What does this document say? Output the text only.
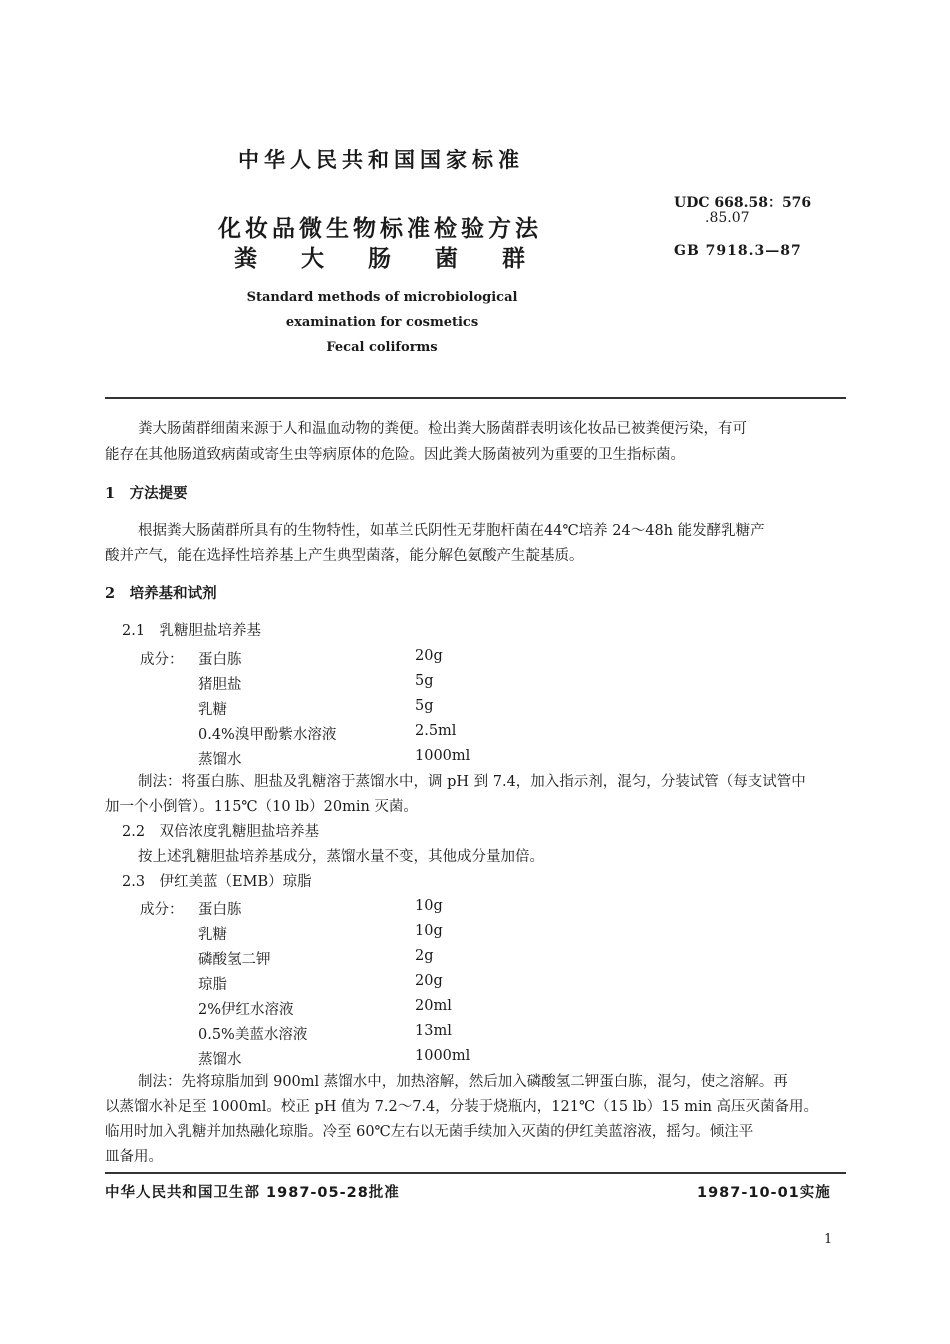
中华人民共和国国家标准
化妆品微生物标准检验方法
粪大肠菌群
UDC 668.58：576
.85.07
GB 7918.3—87
Standard methods of microbiological
examination for cosmetics
Fecal coliforms
粪大肠菌群细菌来源于人和温血动物的粪便。检出粪大肠菌群表明该化妆品已被粪便污染，有可
能存在其他肠道致病菌或寄生虫等病原体的危险。因此粪大肠菌被列为重要的卫生指标菌。
1　方法提要
根据粪大肠菌群所具有的生物特性，如革兰氏阴性无芽胞杆菌在44℃培养 24～48h 能发酵乳糖产
酸并产气，能在选择性培养基上产生典型菌落，能分解色氨酸产生靛基质。
2　培养基和试剂
2.1　乳糖胆盐培养基
成分： 蛋白胨	20g
猪胆盐	5g
乳糖	5g
0.4%溴甲酚紫水溶液	2.5ml
蒸馏水	1000ml
制法：将蛋白胨、胆盐及乳糖溶于蒸馏水中，调 pH 到 7.4，加入指示剂，混匀，分装试管（每支试管中
加一个小倒管）。115℃（10 lb）20min 灭菌。
2.2　双倍浓度乳糖胆盐培养基
按上述乳糖胆盐培养基成分，蒸馏水量不变，其他成分量加倍。
2.3　伊红美蓝（EMB）琼脂
成分： 蛋白胨	10g
乳糖	10g
磷酸氢二钾	2g
琼脂	20g
2%伊红水溶液	20ml
0.5%美蓝水溶液	13ml
蒸馏水	1000ml
制法：先将琼脂加到 900ml 蒸馏水中，加热溶解，然后加入磷酸氢二钾蛋白胨，混匀，使之溶解。再
以蒸馏水补足至 1000ml。校正 pH 值为 7.2～7.4，分装于烧瓶内，121℃（15 lb）15 min 高压灭菌备用。
临用时加入乳糖并加热融化琼脂。冷至 60℃左右以无菌手续加入灭菌的伊红美蓝溶液，摇匀。倾注平
皿备用。
中华人民共和国卫生部 1987-05-28批准	1987-10-01实施
1
